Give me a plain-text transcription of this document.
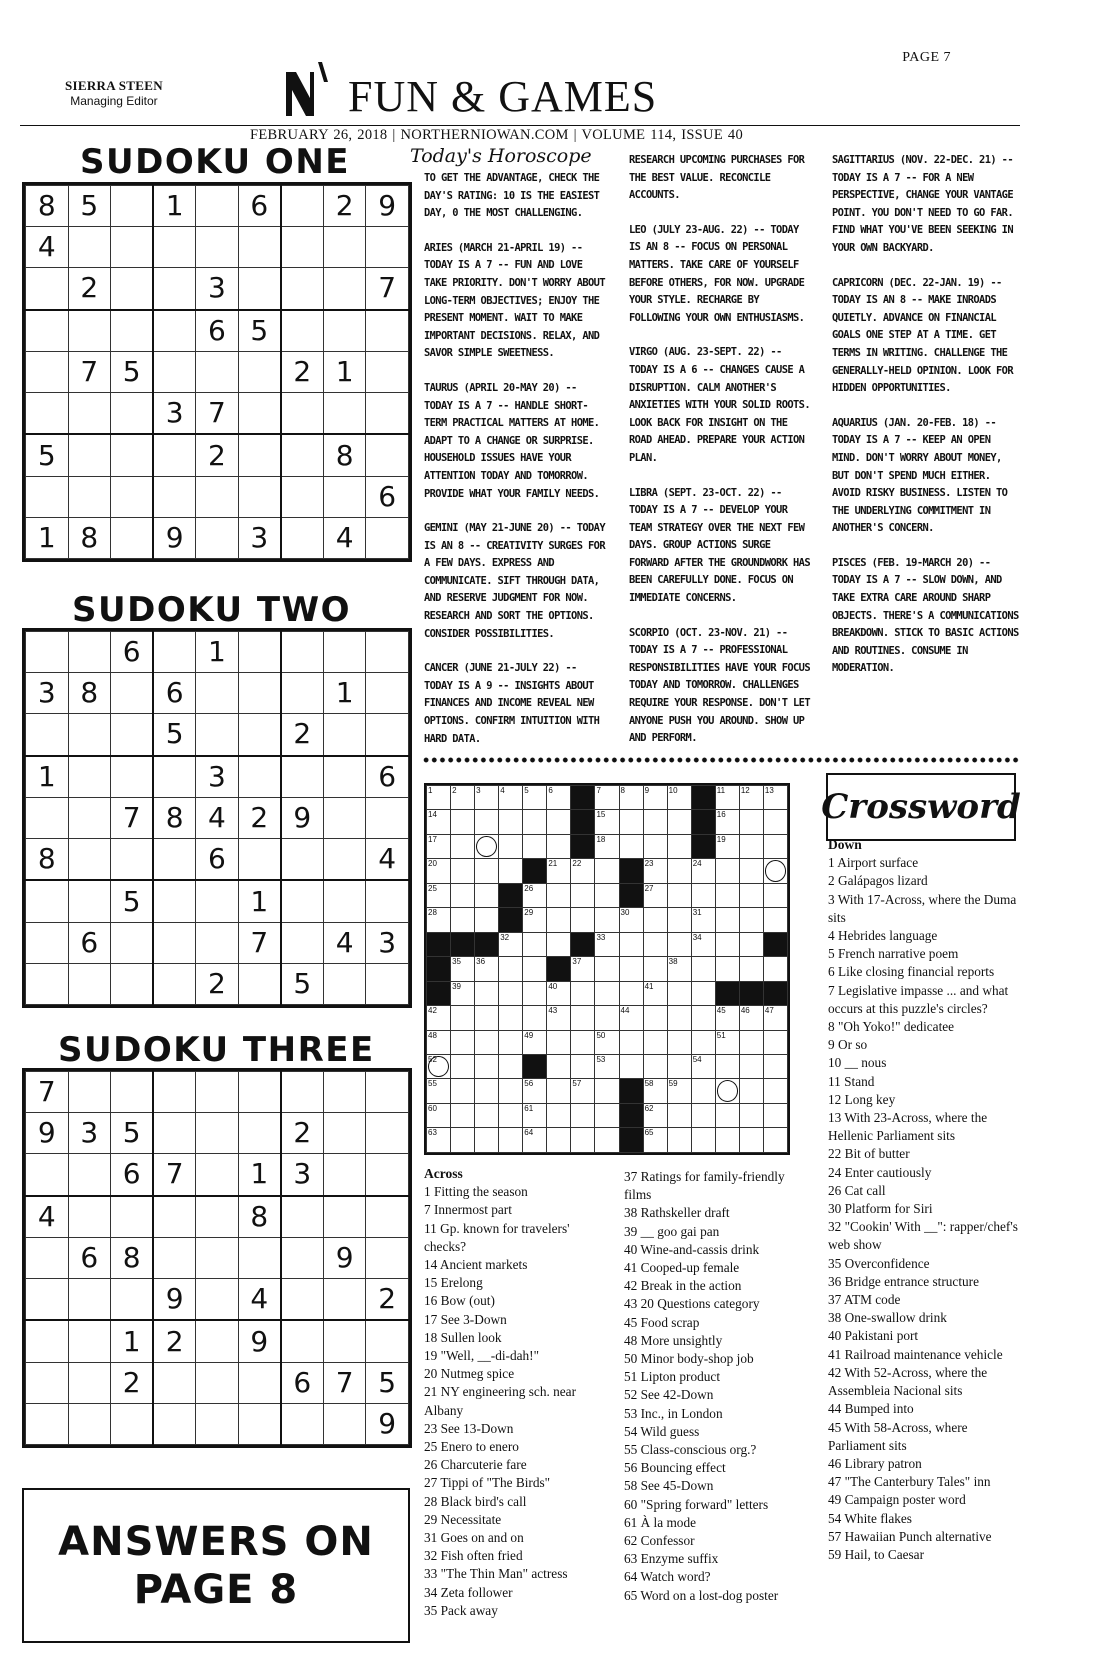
PAGE 7
SIERRA STEEN
Managing Editor	FUN & GAMES
FEBRUARY 26, 2018 | NORTHERNIOWAN.COM | VOLUME 114, ISSUE 40
SUDOKU ONE
8	5		1		6		2	9
4								
	2			3				7
				6	5			
	7	5				2	1	
			3	7				
5				2			8	
								6
1	8		9		3		4	
SUDOKU TWO
		6		1				
3	8		6				1	
			5			2		
1				3				6
		7	8	4	2	9		
8				6				4
		5			1			
	6				7		4	3
				2		5		
SUDOKU THREE
7								
9	3	5				2		
		6	7		1	3		
4					8			
	6	8					9	
			9		4			2
		1	2		9			
		2				6	7	5
								9
ANSWERS ON
PAGE 8
Today's Horoscope

TO GET THE ADVANTAGE, CHECK THE DAY'S RATING: 10 IS THE EASIEST DAY, 0 THE MOST CHALLENGING.

ARIES (MARCH 21-APRIL 19) -- TODAY IS A 7 -- FUN AND LOVE TAKE PRIORITY. DON'T WORRY ABOUT LONG-TERM OBJECTIVES; ENJOY THE PRESENT MOMENT. WAIT TO MAKE IMPORTANT DECISIONS. RELAX, AND SAVOR SIMPLE SWEETNESS.

TAURUS (APRIL 20-MAY 20) -- TODAY IS A 7 -- HANDLE SHORT-TERM PRACTICAL MATTERS AT HOME. ADAPT TO A CHANGE OR SURPRISE. HOUSEHOLD ISSUES HAVE YOUR ATTENTION TODAY AND TOMORROW. PROVIDE WHAT YOUR FAMILY NEEDS.

GEMINI (MAY 21-JUNE 20) -- TODAY IS AN 8 -- CREATIVITY SURGES FOR A FEW DAYS. EXPRESS AND COMMUNICATE. SIFT THROUGH DATA, AND RESERVE JUDGMENT FOR NOW. RESEARCH AND SORT THE OPTIONS. CONSIDER POSSIBILITIES.

CANCER (JUNE 21-JULY 22) -- TODAY IS A 9 -- INSIGHTS ABOUT FINANCES AND INCOME REVEAL NEW OPTIONS. CONFIRM INTUITION WITH HARD DATA.

RESEARCH UPCOMING PURCHASES FOR THE BEST VALUE. RECONCILE ACCOUNTS.

LEO (JULY 23-AUG. 22) -- TODAY IS AN 8 -- FOCUS ON PERSONAL MATTERS. TAKE CARE OF YOURSELF BEFORE OTHERS, FOR NOW. UPGRADE YOUR STYLE. RECHARGE BY FOLLOWING YOUR OWN ENTHUSIASMS.

VIRGO (AUG. 23-SEPT. 22) -- TODAY IS A 6 -- CHANGES CAUSE A DISRUPTION. CALM ANOTHER'S ANXIETIES WITH YOUR SOLID ROOTS. LOOK BACK FOR INSIGHT ON THE ROAD AHEAD. PREPARE YOUR ACTION PLAN.

LIBRA (SEPT. 23-OCT. 22) -- TODAY IS A 7 -- DEVELOP YOUR TEAM STRATEGY OVER THE NEXT FEW DAYS. GROUP ACTIONS SURGE FORWARD AFTER THE GROUNDWORK HAS BEEN CAREFULLY DONE. FOCUS ON IMMEDIATE CONCERNS.

SCORPIO (OCT. 23-NOV. 21) -- TODAY IS A 7 -- PROFESSIONAL RESPONSIBILITIES HAVE YOUR FOCUS TODAY AND TOMORROW. CHALLENGES REQUIRE YOUR RESPONSE. DON'T LET ANYONE PUSH YOU AROUND. SHOW UP AND PERFORM.

SAGITTARIUS (NOV. 22-DEC. 21) -- TODAY IS A 7 -- FOR A NEW PERSPECTIVE, CHANGE YOUR VANTAGE POINT. YOU DON'T NEED TO GO FAR. FIND WHAT YOU'VE BEEN SEEKING IN YOUR OWN BACKYARD.

CAPRICORN (DEC. 22-JAN. 19) -- TODAY IS AN 8 -- MAKE INROADS QUIETLY. ADVANCE ON FINANCIAL GOALS ONE STEP AT A TIME. GET TERMS IN WRITING. CHALLENGE THE GENERALLY-HELD OPINION. LOOK FOR HIDDEN OPPORTUNITIES.

AQUARIUS (JAN. 20-FEB. 18) -- TODAY IS A 7 -- KEEP AN OPEN MIND. DON'T WORRY ABOUT MONEY, BUT DON'T SPEND MUCH EITHER. AVOID RISKY BUSINESS. LISTEN TO THE UNDERLYING COMMITMENT IN ANOTHER'S CONCERN.

PISCES (FEB. 19-MARCH 20) -- TODAY IS A 7 -- SLOW DOWN, AND TAKE EXTRA CARE AROUND SHARP OBJECTS. THERE'S A COMMUNICATIONS BREAKDOWN. STICK TO BASIC ACTIONS AND ROUTINES. CONSUME IN MODERATION.

1	2	3	4	5	6		7	8	9	10		11	12	13

14							15					16		

17							18					19		

20					21	22			23		24			

25				26					27					

28				29				30			31			

			32				33				34			

	35	36				37				38				

	39				40				41					

42					43			44				45	46	47

48				49			50					51		

52							53				54			

55				56		57			58	59				

60				61					62					

63				64					65					

Crossword
Across
1 Fitting the season
7 Innermost part
11 Gp. known for travelers' checks?
14 Ancient markets
15 Erelong
16 Bow (out)
17 See 3-Down
18 Sullen look
19 "Well, __-di-dah!"
20 Nutmeg spice
21 NY engineering sch. near Albany
23 See 13-Down
25 Enero to enero
26 Charcuterie fare
27 Tippi of "The Birds"
28 Black bird's call
29 Necessitate
31 Goes on and on
32 Fish often fried
33 "The Thin Man" actress
34 Zeta follower
35 Pack away
37 Ratings for family-friendly films
38 Rathskeller draft
39 __ goo gai pan
40 Wine-and-cassis drink
41 Cooped-up female
42 Break in the action
43 20 Questions category
45 Food scrap
48 More unsightly
50 Minor body-shop job
51 Lipton product
52 See 42-Down
53 Inc., in London
54 Wild guess
55 Class-conscious org.?
56 Bouncing effect
58 See 45-Down
60 "Spring forward" letters
61 À la mode
62 Confessor
63 Enzyme suffix
64 Watch word?
65 Word on a lost-dog poster
Down
1 Airport surface
2 Galápagos lizard
3 With 17-Across, where the Duma sits
4 Hebrides language
5 French narrative poem
6 Like closing financial reports
7 Legislative impasse ... and what occurs at this puzzle's circles?
8 "Oh Yoko!" dedicatee
9 Or so
10 __ nous
11 Stand
12 Long key
13 With 23-Across, where the Hellenic Parliament sits
22 Bit of butter
24 Enter cautiously
26 Cat call
30 Platform for Siri
32 "Cookin' With __": rapper/chef's web show
35 Overconfidence
36 Bridge entrance structure
37 ATM code
38 One-swallow drink
40 Pakistani port
41 Railroad maintenance vehicle
42 With 52-Across, where the Assembleia Nacional sits
44 Bumped into
45 With 58-Across, where Parliament sits
46 Library patron
47 "The Canterbury Tales" inn
49 Campaign poster word
54 White flakes
57 Hawaiian Punch alternative
59 Hail, to Caesar
